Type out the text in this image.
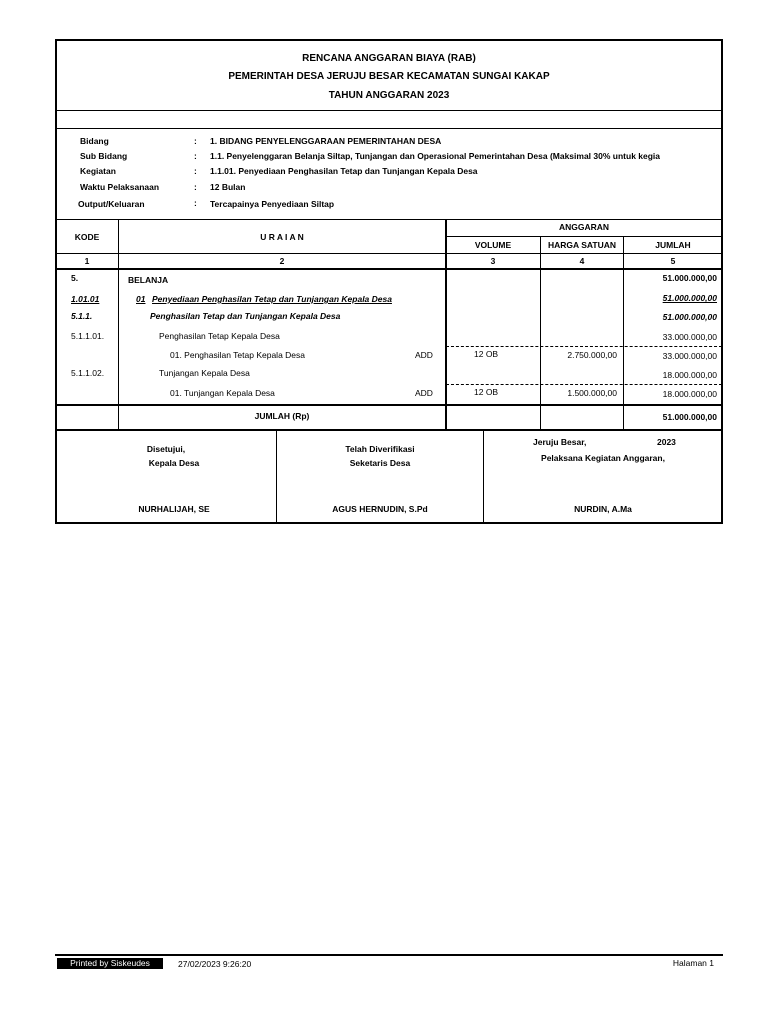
RENCANA ANGGARAN BIAYA (RAB)
PEMERINTAH DESA JERUJU BESAR KECAMATAN SUNGAI KAKAP
TAHUN ANGGARAN 2023
Bidang	: 1. BIDANG PENYELENGGARAAN PEMERINTAHAN DESA
Sub Bidang	: 1.1. Penyelenggaran Belanja Siltap, Tunjangan dan Operasional Pemerintahan Desa (Maksimal 30% untuk kegia
Kegiatan	: 1.1.01. Penyediaan Penghasilan Tetap dan Tunjangan Kepala Desa
Waktu Pelaksanaan	: 12 Bulan
Output/Keluaran	: Tercapainya Penyediaan Siltap
KODE	U R A I A N
ANGGARAN
VOLUME	HARGA SATUAN	JUMLAH
1	2	3	4	5
5.	BELANJA	51.000.000,00
1.01.01	01 Penyediaan Penghasilan Tetap dan Tunjangan Kepala Desa	51.000.000,00
5.1.1.	Penghasilan Tetap dan Tunjangan Kepala Desa	51.000.000,00
5.1.1.01.	Penghasilan Tetap Kepala Desa	33.000.000,00
01. Penghasilan Tetap Kepala Desa	ADD	12 OB	2.750.000,00	33.000.000,00
5.1.1.02.	Tunjangan Kepala Desa	18.000.000,00
01. Tunjangan Kepala Desa	ADD	12 OB	1.500.000,00	18.000.000,00
JUMLAH (Rp)	51.000.000,00
Disetujui,
Kepala Desa
NURHALIJAH, SE
Telah Diverifikasi
Seketaris Desa
AGUS HERNUDIN, S.Pd
Jeruju Besar,	2023
Pelaksana Kegiatan Anggaran,
NURDIN, A.Ma
Printed by Siskeudes	27/02/2023 9:26:20	Halaman 1
